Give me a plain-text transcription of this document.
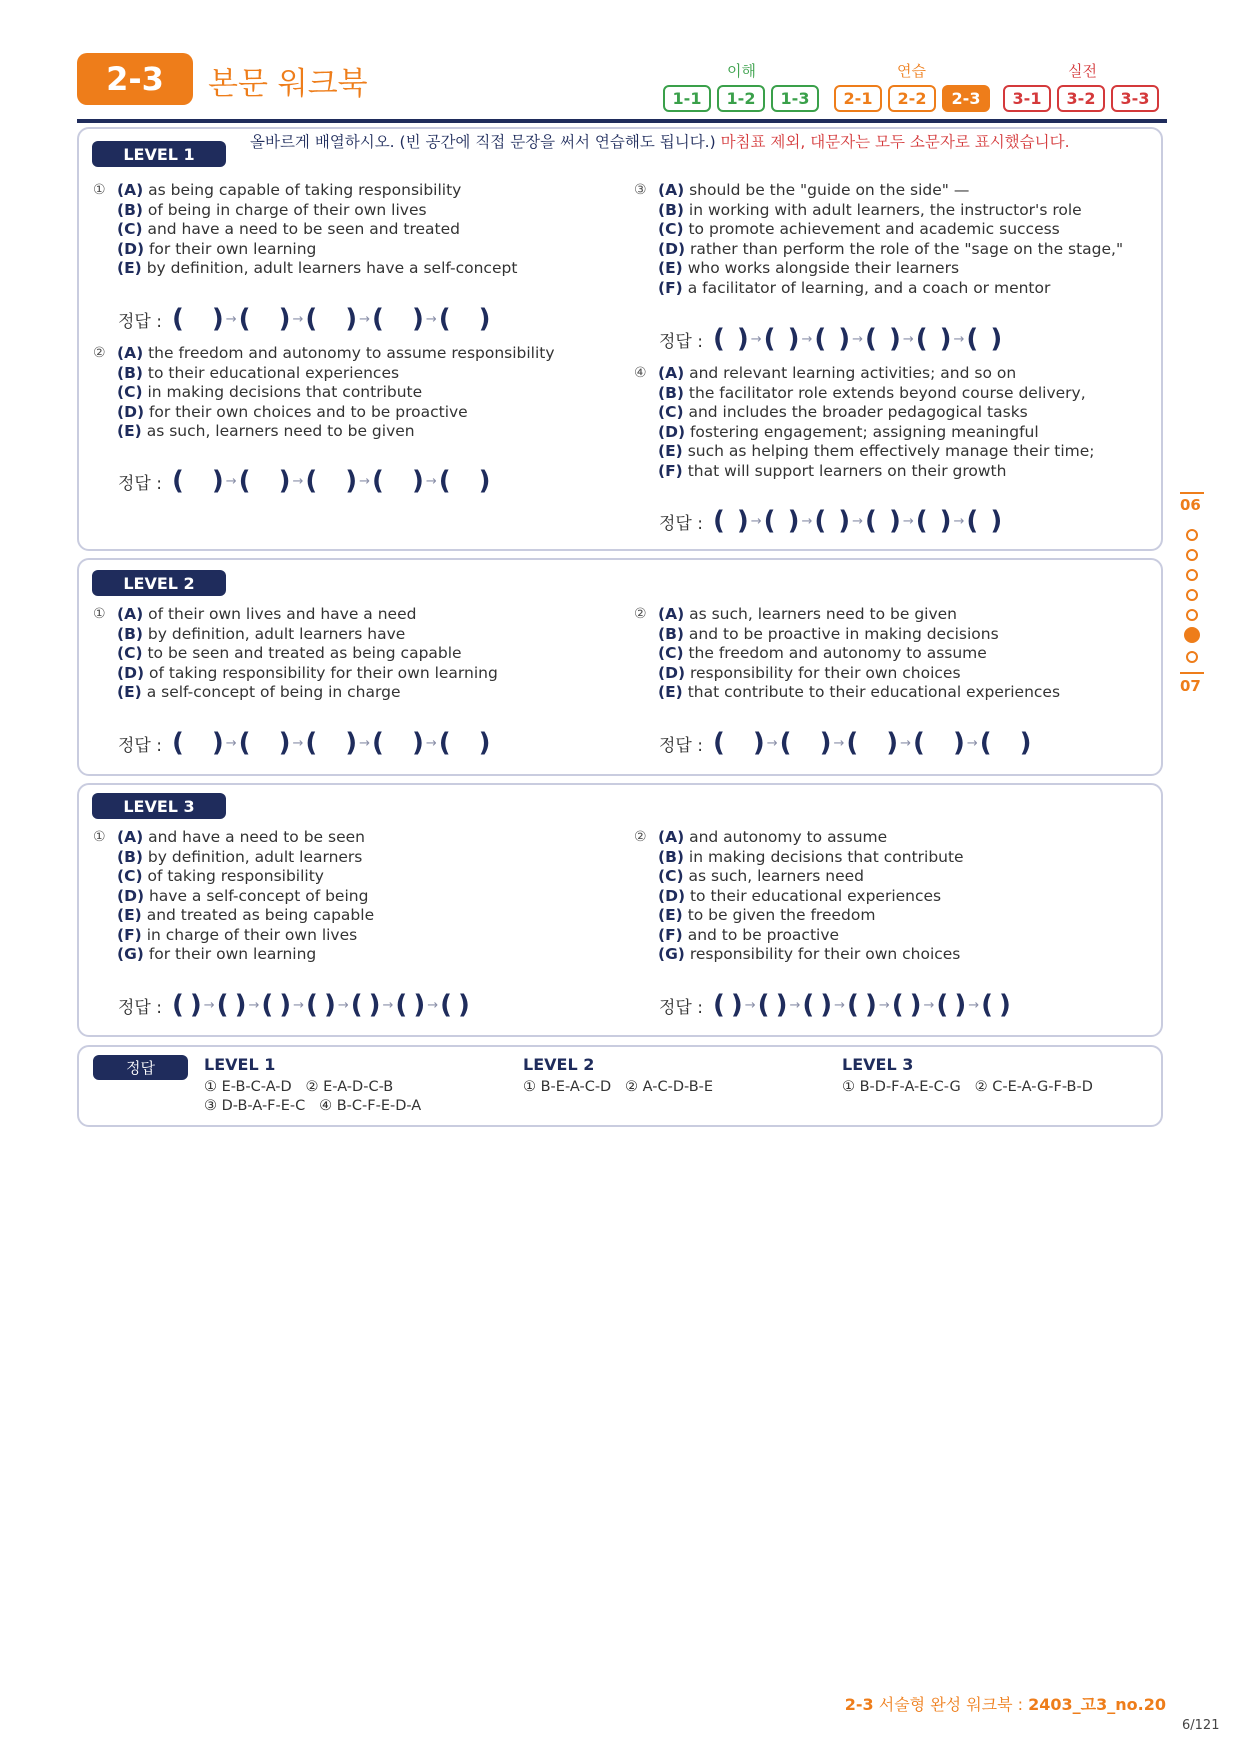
2-3	본문 워크북	이해	연습	실전
1-1	1-2	1-3	2-1	2-2	2-3	3-1	3-2	3-3
LEVEL 1
올바르게 배열하시오. (빈 공간에 직접 문장을 써서 연습해도 됩니다.) 마침표 제외, 대문자는 모두 소문자로 표시했습니다.
① (A) as being capable of taking responsibility
(B) of being in charge of their own lives
(C) and have a need to be seen and treated
(D) for their own learning
(E) by definition, adult learners have a self-concept
정답 : ( ) → ( ) → ( ) → ( ) → ( )
② (A) the freedom and autonomy to assume responsibility
(B) to their educational experiences
(C) in making decisions that contribute
(D) for their own choices and to be proactive
(E) as such, learners need to be given
정답 : ( ) → ( ) → ( ) → ( ) → ( )
③ (A) should be the "guide on the side" —
(B) in working with adult learners, the instructor's role
(C) to promote achievement and academic success
(D) rather than perform the role of the "sage on the stage,"
(E) who works alongside their learners
(F) a facilitator of learning, and a coach or mentor
정답 : ( ) → ( ) → ( ) → ( ) → ( ) → ( )
④ (A) and relevant learning activities; and so on
(B) the facilitator role extends beyond course delivery,
(C) and includes the broader pedagogical tasks
(D) fostering engagement; assigning meaningful
(E) such as helping them effectively manage their time;
(F) that will support learners on their growth
정답 : ( ) → ( ) → ( ) → ( ) → ( ) → ( )
LEVEL 2
① (A) of their own lives and have a need
(B) by definition, adult learners have
(C) to be seen and treated as being capable
(D) of taking responsibility for their own learning
(E) a self-concept of being in charge
정답 : ( ) → ( ) → ( ) → ( ) → ( )
② (A) as such, learners need to be given
(B) and to be proactive in making decisions
(C) the freedom and autonomy to assume
(D) responsibility for their own choices
(E) that contribute to their educational experiences
정답 : ( ) → ( ) → ( ) → ( ) → ( )
LEVEL 3
① (A) and have a need to be seen
(B) by definition, adult learners
(C) of taking responsibility
(D) have a self-concept of being
(E) and treated as being capable
(F) in charge of their own lives
(G) for their own learning
정답 : ( ) → ( ) → ( ) → ( ) → ( ) → ( ) → ( )
② (A) and autonomy to assume
(B) in making decisions that contribute
(C) as such, learners need
(D) to their educational experiences
(E) to be given the freedom
(F) and to be proactive
(G) responsibility for their own choices
정답 : ( ) → ( ) → ( ) → ( ) → ( ) → ( ) → ( )
정답	LEVEL 1
① E-B-C-A-D   ② E-A-D-C-B
③ D-B-A-F-E-C   ④ B-C-F-E-D-A
LEVEL 2
① B-E-A-C-D   ② A-C-D-B-E
LEVEL 3
① B-D-F-A-E-C-G   ② C-E-A-G-F-B-D
06
07
2-3 서술형 완성 워크북 : 2403_고3_no.20
6/121
